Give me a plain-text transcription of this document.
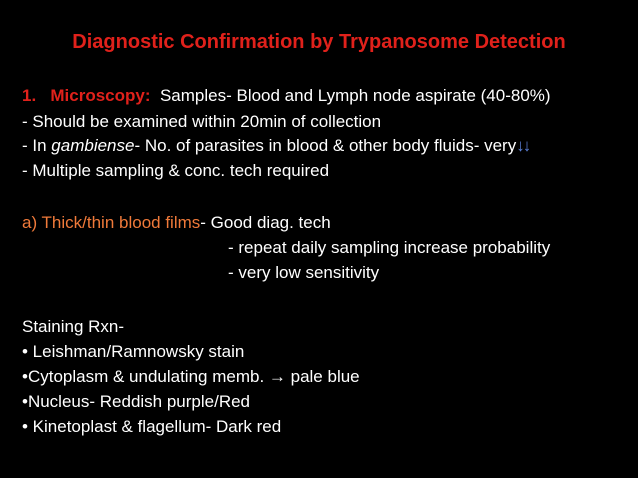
Diagnostic Confirmation by Trypanosome Detection
1. Microscopy: Samples- Blood and Lymph node aspirate (40-80%)
- Should be examined within 20min of collection
- In gambiense- No. of parasites in blood & other body fluids- very↓↓
- Multiple sampling & conc. tech required
a) Thick/thin blood films- Good diag. tech
- repeat daily sampling increase probability
- very low sensitivity
Staining Rxn-
• Leishman/Ramnowsky stain
•Cytoplasm & undulating memb. → pale blue
•Nucleus- Reddish purple/Red
• Kinetoplast & flagellum- Dark red
